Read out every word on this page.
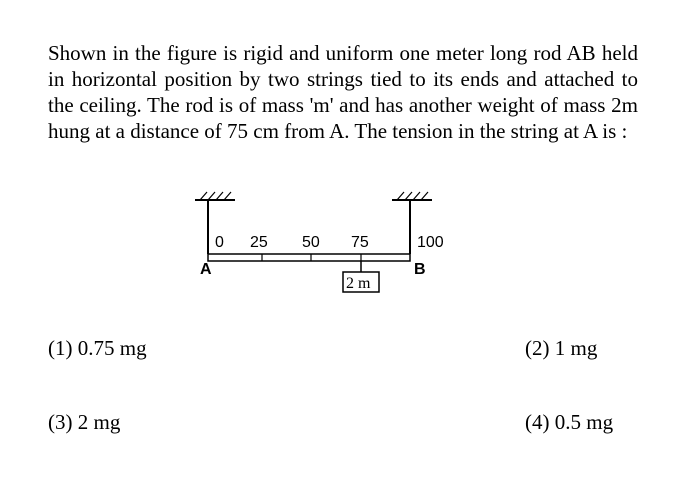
Shown in the figure is rigid and uniform one meter long rod AB held in horizontal position by two strings tied to its ends and attached to the ceiling. The rod is of mass 'm' and has another weight of mass 2m hung at a distance of 75 cm from A. The tension in the string at A is :

0 25 50 75	100
A	B
2 m
(1) 0.75 mg	(2) 1 mg
(3) 2 mg	(4) 0.5 mg
